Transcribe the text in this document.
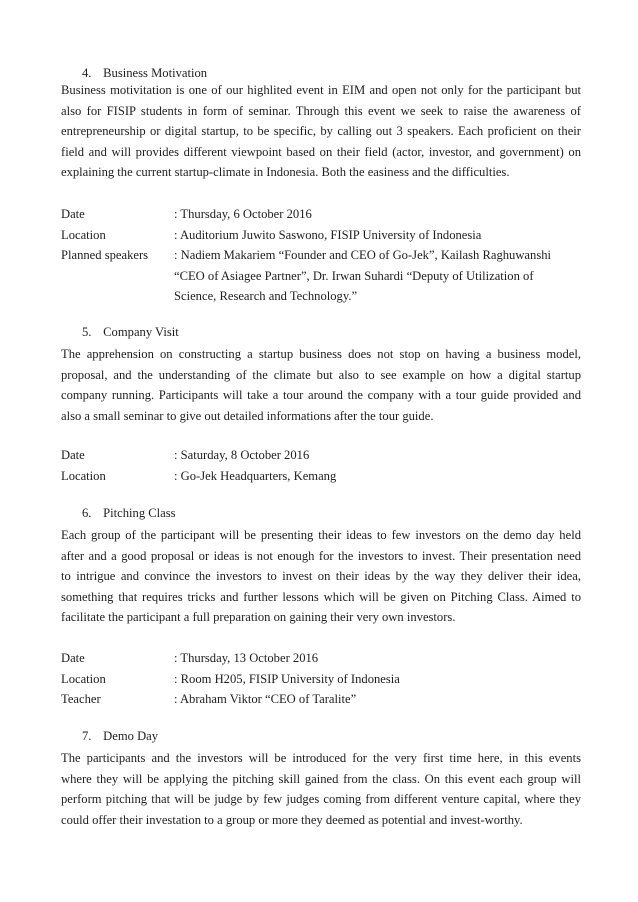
4. Business Motivation
Business motivitation is one of our highlited event in EIM and open not only for the participant but
also for FISIP students in form of seminar. Through this event we seek to raise the awareness of
entrepreneurship or digital startup, to be specific, by calling out 3 speakers. Each proficient on their
field and will provides different viewpoint based on their field (actor, investor, and government) on
explaining the current startup-climate in Indonesia. Both the easiness and the difficulties.
Date	: Thursday, 6 October 2016
Location	: Auditorium Juwito Saswono, FISIP University of Indonesia
Planned speakers	: Nadiem Makariem “Founder and CEO of Go-Jek”, Kailash Raghuwanshi
“CEO of Asiagee Partner”, Dr. Irwan Suhardi “Deputy of Utilization of
Science, Research and Technology.”
5. Company Visit
The apprehension on constructing a startup business does not stop on having a business model,
proposal, and the understanding of the climate but also to see example on how a digital startup
company running. Participants will take a tour around the company with a tour guide provided and
also a small seminar to give out detailed informations after the tour guide.
Date	: Saturday, 8 October 2016
Location	: Go-Jek Headquarters, Kemang
6. Pitching Class
Each group of the participant will be presenting their ideas to few investors on the demo day held
after and a good proposal or ideas is not enough for the investors to invest. Their presentation need
to intrigue and convince the investors to invest on their ideas by the way they deliver their idea,
something that requires tricks and further lessons which will be given on Pitching Class. Aimed to
facilitate the participant a full preparation on gaining their very own investors.
Date	: Thursday, 13 October 2016
Location	: Room H205, FISIP University of Indonesia
Teacher	: Abraham Viktor “CEO of Taralite”
7. Demo Day
The participants and the investors will be introduced for the very first time here, in this events
where they will be applying the pitching skill gained from the class. On this event each group will
perform pitching that will be judge by few judges coming from different venture capital, where they
could offer their investation to a group or more they deemed as potential and invest-worthy.
